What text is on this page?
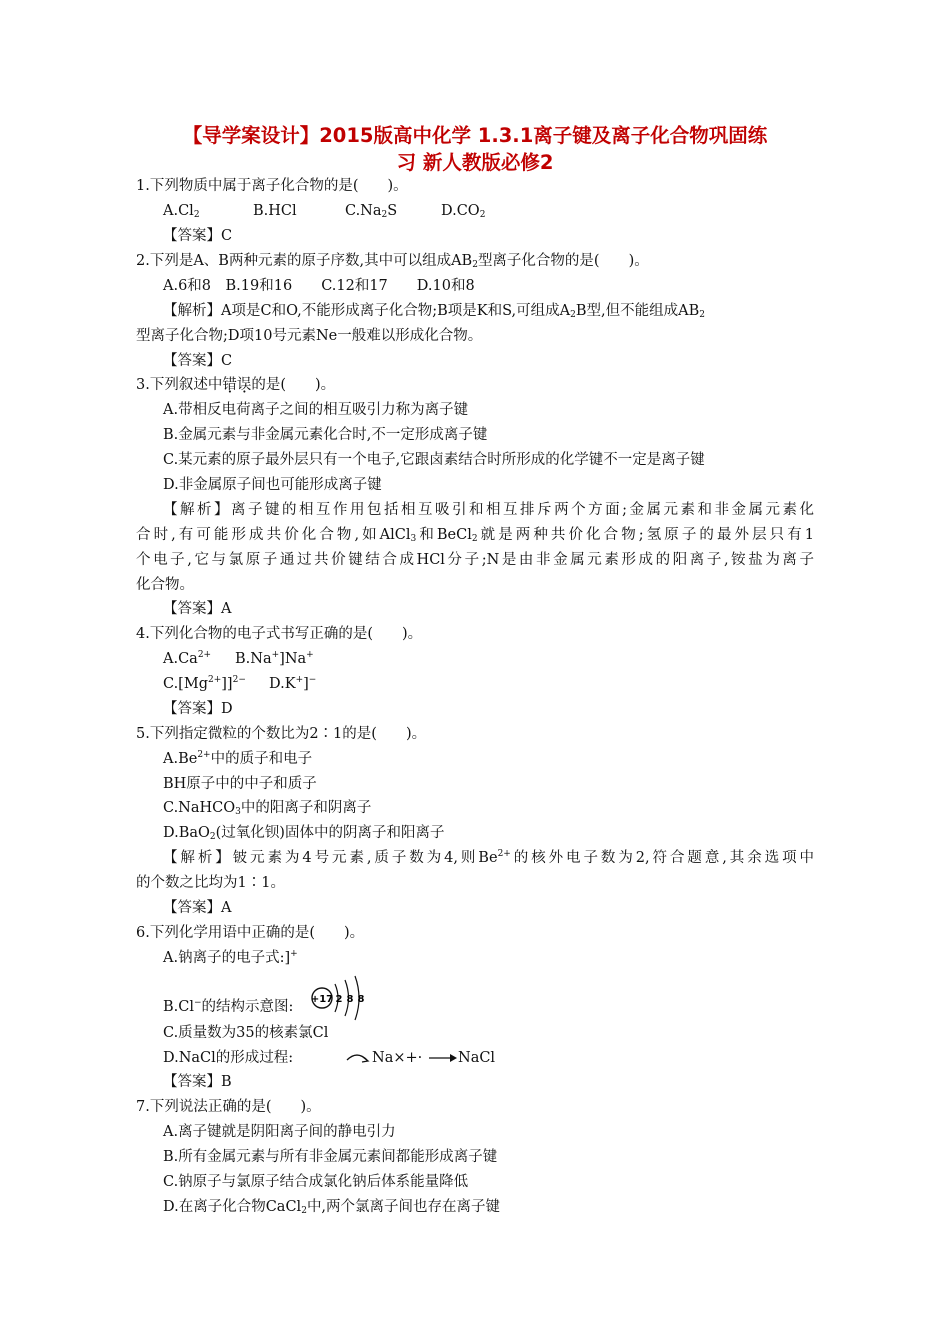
【导学案设计】2015版高中化学 1.3.1离子键及离子化合物巩固练
习 新人教版必修2
1.下列物质中属于离子化合物的是(　　)。
$A.Cl_2$	B.HCl	$C.Na_2S$	$D.CO_2$
【答案】C
2.下列是A、B两种元素的原子序数,其中可以组成$AB_2$型离子化合物的是(　　)。
A.6和8　B.19和16　　C.12和17　　D.10和8
【解析】A项是C和O,不能形成离子化合物;B项是K和S,可组成$A_2B$型,但不能组成$AB_2$
型离子化合物;D项10号元素Ne一般难以形成化合物。
【答案】C
3.下列叙述中错误的是(　　)。
A.带相反电荷离子之间的相互吸引力称为离子键
B.金属元素与非金属元素化合时,不一定形成离子键
C.某元素的原子最外层只有一个电子,它跟卤素结合时所形成的化学键不一定是离子键
D.非金属原子间也可能形成离子键
【解析】离子键的相互作用包括相互吸引和相互排斥两个方面;金属元素和非金属元素化
合时,有可能形成共价化合物,如AlCl$_3$和BeCl$_2$就是两种共价化合物;氢原子的最外层只有1
个电子,它与氯原子通过共价键结合成HCl分子;N是由非金属元素形成的阳离子,铵盐为离子
化合物。
【答案】A
4.下列化合物的电子式书写正确的是(　　)。
$A.Ca^{2+}$ B.Na+]Na+
$C.[Mg^{2+}]]^{2-}$ D.K+]−
【答案】D
5.下列指定微粒的个数比为2∶1的是(　　)。
$A.Be^{2+}$中的质子和电子
BH原子中的中子和质子
C.NaHCO$_3$中的阳离子和阴离子
D.BaO$_2$(过氧化钡)固体中的阴离子和阳离子
【解析】铍元素为4号元素,质子数为4,则$Be^{2+}$的核外电子数为2,符合题意,其余选项中
的个数之比均为1∶1。
【答案】A
6.下列化学用语中正确的是(　　)。
A.钠离子的电子式:]+
B.Cl−的结构示意图: +17 2 8 8
C.质量数为35的核素氯Cl
D.NaCl的形成过程:	Na×+· NaCl
【答案】B
7.下列说法正确的是(　　)。
A.离子键就是阴阳离子间的静电引力
B.所有金属元素与所有非金属元素间都能形成离子键
C.钠原子与氯原子结合成氯化钠后体系能量降低
D.在离子化合物CaCl$_2$中,两个氯离子间也存在离子键
